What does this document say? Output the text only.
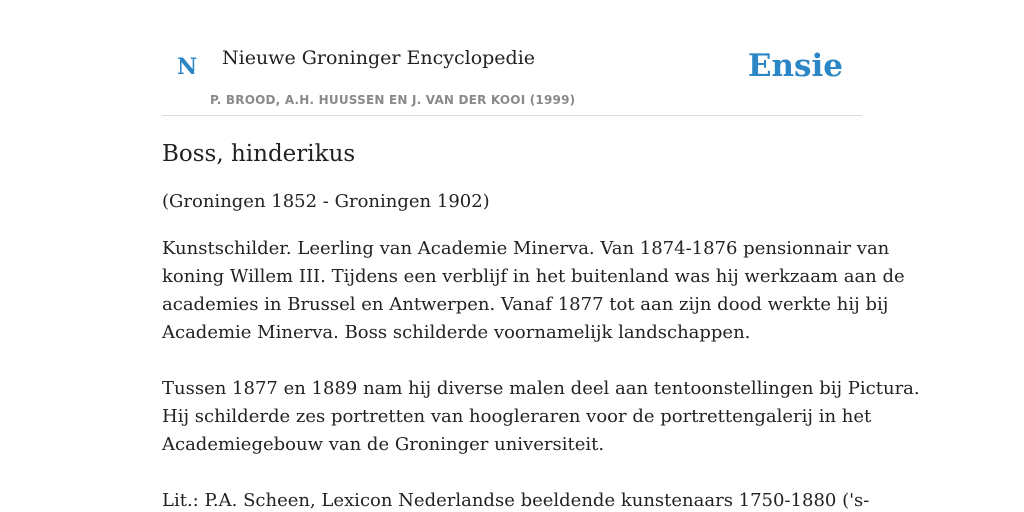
N Nieuwe Groninger Encyclopedie
P. BROOD, A.H. HUUSSEN EN J. VAN DER KOOI (1999)
Ensie
Boss, hinderikus

(Groningen 1852 - Groningen 1902)

Kunstschilder. Leerling van Academie Minerva. Van 1874-1876 pensionnair van
koning Willem III. Tijdens een verblijf in het buitenland was hij werkzaam aan de
academies in Brussel en Antwerpen. Vanaf 1877 tot aan zijn dood werkte hij bij
Academie Minerva. Boss schilderde voornamelijk landschappen.

Tussen 1877 en 1889 nam hij diverse malen deel aan tentoonstellingen bij Pictura.
Hij schilderde zes portretten van hoogleraren voor de portrettengalerij in het
Academiegebouw van de Groninger universiteit.

Lit.: P.A. Scheen, Lexicon Nederlandse beeldende kunstenaars 1750-1880 ('s-
